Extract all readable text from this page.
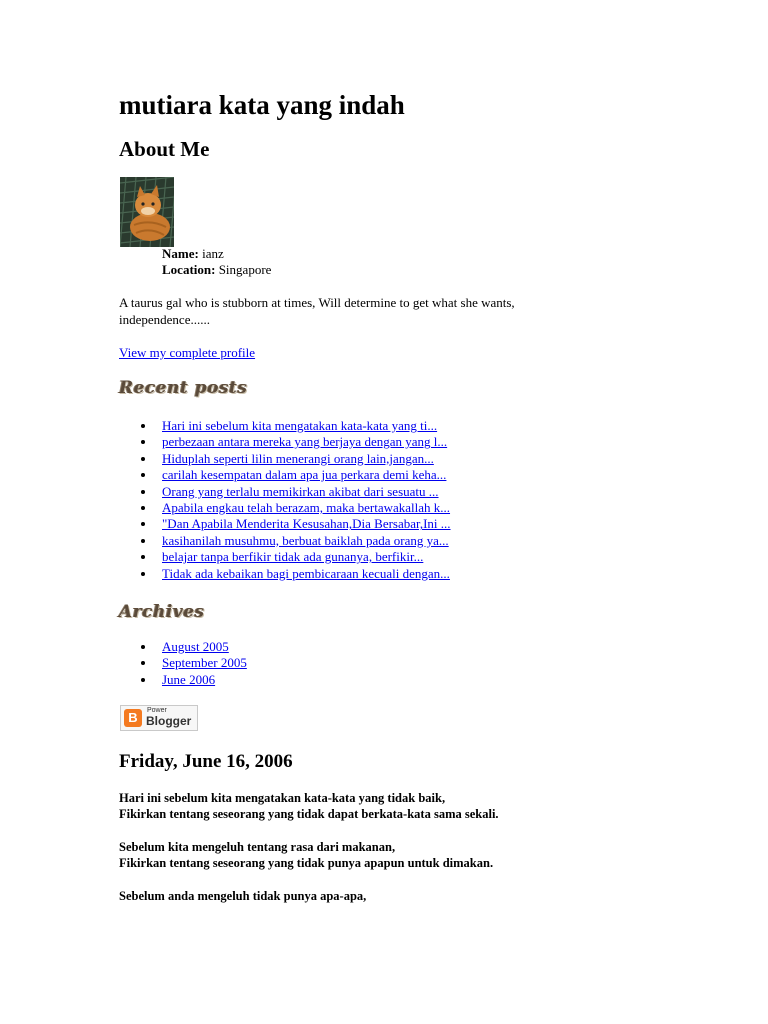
mutiara kata yang indah
About Me
Name: ianz
Location: Singapore
A taurus gal who is stubborn at times, Will determine to get what she wants,
independence......
View my complete profile
Recent posts
Hari ini sebelum kita mengatakan kata-kata yang ti...
perbezaan antara mereka yang berjaya dengan yang l...
Hiduplah seperti lilin menerangi orang lain,jangan...
carilah kesempatan dalam apa jua perkara demi keha...
Orang yang terlalu memikirkan akibat dari sesuatu ...
Apabila engkau telah berazam, maka bertawakallah k...
"Dan Apabila Menderita Kesusahan,Dia Bersabar,Ini ...
kasihanilah musuhmu, berbuat baiklah pada orang ya...
belajar tanpa berfikir tidak ada gunanya, berfikir...
Tidak ada kebaikan bagi pembicaraan kecuali dengan...
Archives
August 2005
September 2005
June 2006
B	Power
Blogger
Friday, June 16, 2006
Hari ini sebelum kita mengatakan kata-kata yang tidak baik,
Fikirkan tentang seseorang yang tidak dapat berkata-kata sama sekali.
Sebelum kita mengeluh tentang rasa dari makanan,
Fikirkan tentang seseorang yang tidak punya apapun untuk dimakan.
Sebelum anda mengeluh tidak punya apa-apa,
